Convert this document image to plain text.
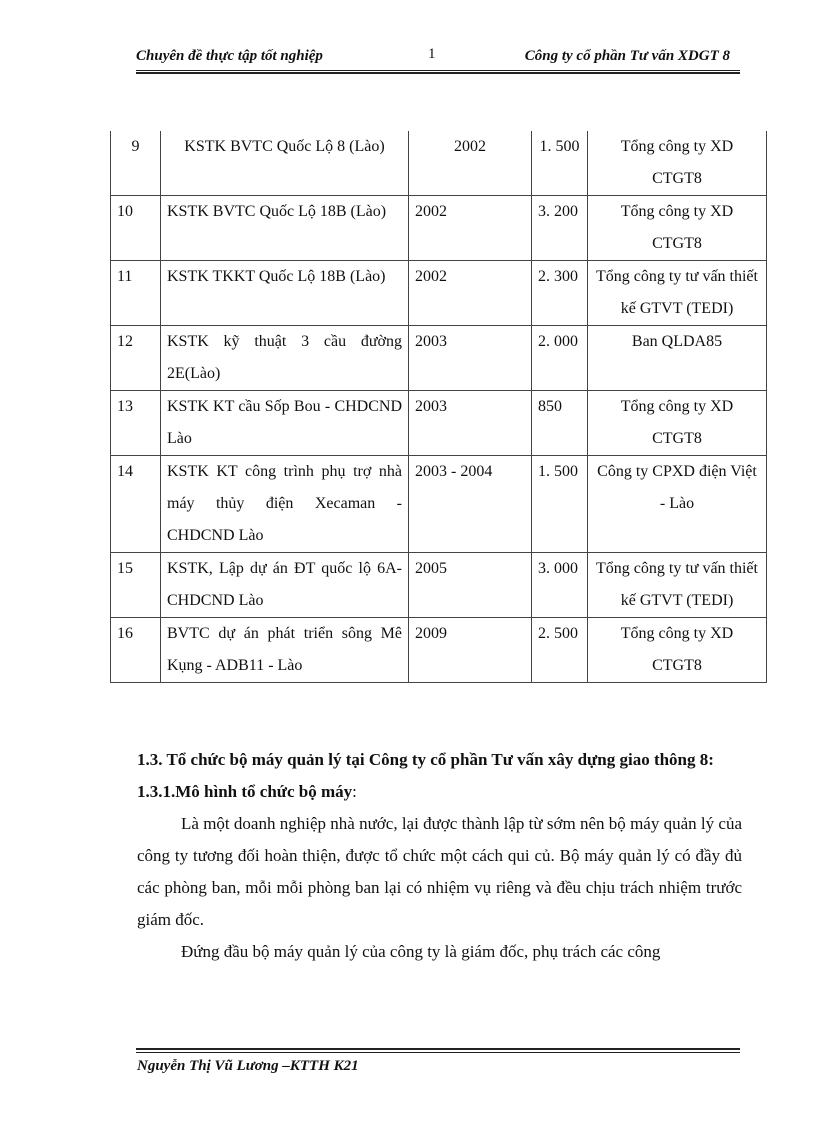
Chuyên đề thực tập tốt nghiệp	1	Công ty cổ phần Tư vấn XDGT 8
9	KSTK BVTC Quốc Lộ 8 (Lào)	2002	1. 500	Tổng công ty XD CTGT8
10	KSTK BVTC Quốc Lộ 18B (Lào)	2002	3. 200	Tổng công ty XD CTGT8
11	KSTK TKKT Quốc Lộ 18B (Lào)	2002	2. 300	Tổng công ty tư vấn thiết kế GTVT (TEDI)
12	KSTK kỹ thuật 3 cầu đường 2E(Lào)	2003	2. 000	Ban QLDA85
13	KSTK KT cầu Sốp Bou - CHDCND Lào	2003	850	Tổng công ty XD CTGT8
14	KSTK KT công trình phụ trợ nhà máy thủy điện Xecaman - CHDCND Lào	2003 - 2004	1. 500	Công ty CPXD điện Việt - Lào
15	KSTK, Lập dự án ĐT quốc lộ 6A- CHDCND Lào	2005	3. 000	Tổng công ty tư vấn thiết kế GTVT (TEDI)
16	BVTC dự án phát triển sông Mê Kụng - ADB11 - Lào	2009	2. 500	Tổng công ty XD CTGT8

1.3. Tổ chức bộ máy quản lý tại Công ty cổ phần Tư vấn xây dựng giao thông 8:

1.3.1.Mô hình tổ chức bộ máy:

Là một doanh nghiệp nhà nước, lại được thành lập từ sớm nên bộ máy quản lý của công ty tương đối hoàn thiện, được tổ chức một cách qui củ. Bộ máy quản lý có đầy đủ các phòng ban, mỗi mỗi phòng ban lại có nhiệm vụ riêng và đều chịu trách nhiệm trước giám đốc.

Đứng đầu bộ máy quản lý của công ty là giám đốc, phụ trách các công

Nguyễn Thị Vũ Lương –KTTH K21
